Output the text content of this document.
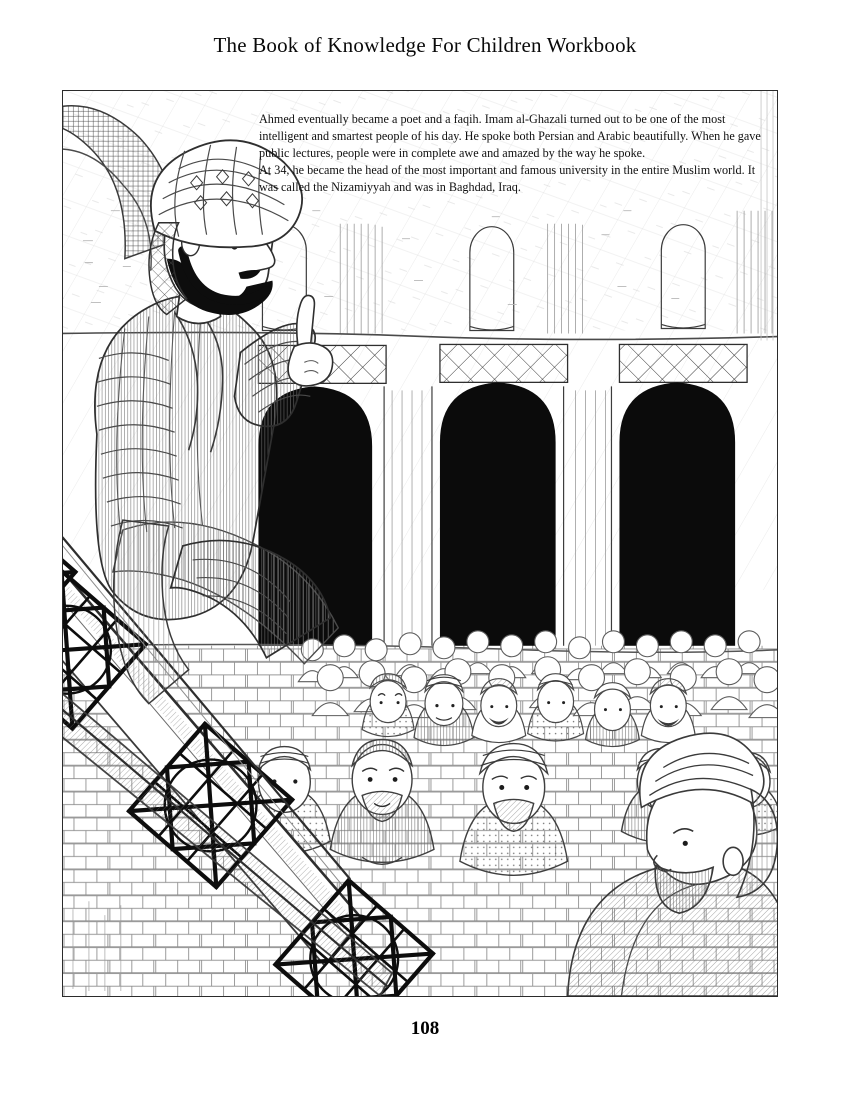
The Book of Knowledge For Children Workbook

Ahmed eventually became a poet and a faqih. Imam al-Ghazali turned out to be one of the most intelligent and smartest people of his day. He spoke both Persian and Arabic beautifully. When he gave public lectures, people were in complete awe and amazed by the way he spoke.

At 34, he became the head of the most important and famous university in the entire Muslim world. It was called the Nizamiyyah and was in Baghdad, Iraq.

108
